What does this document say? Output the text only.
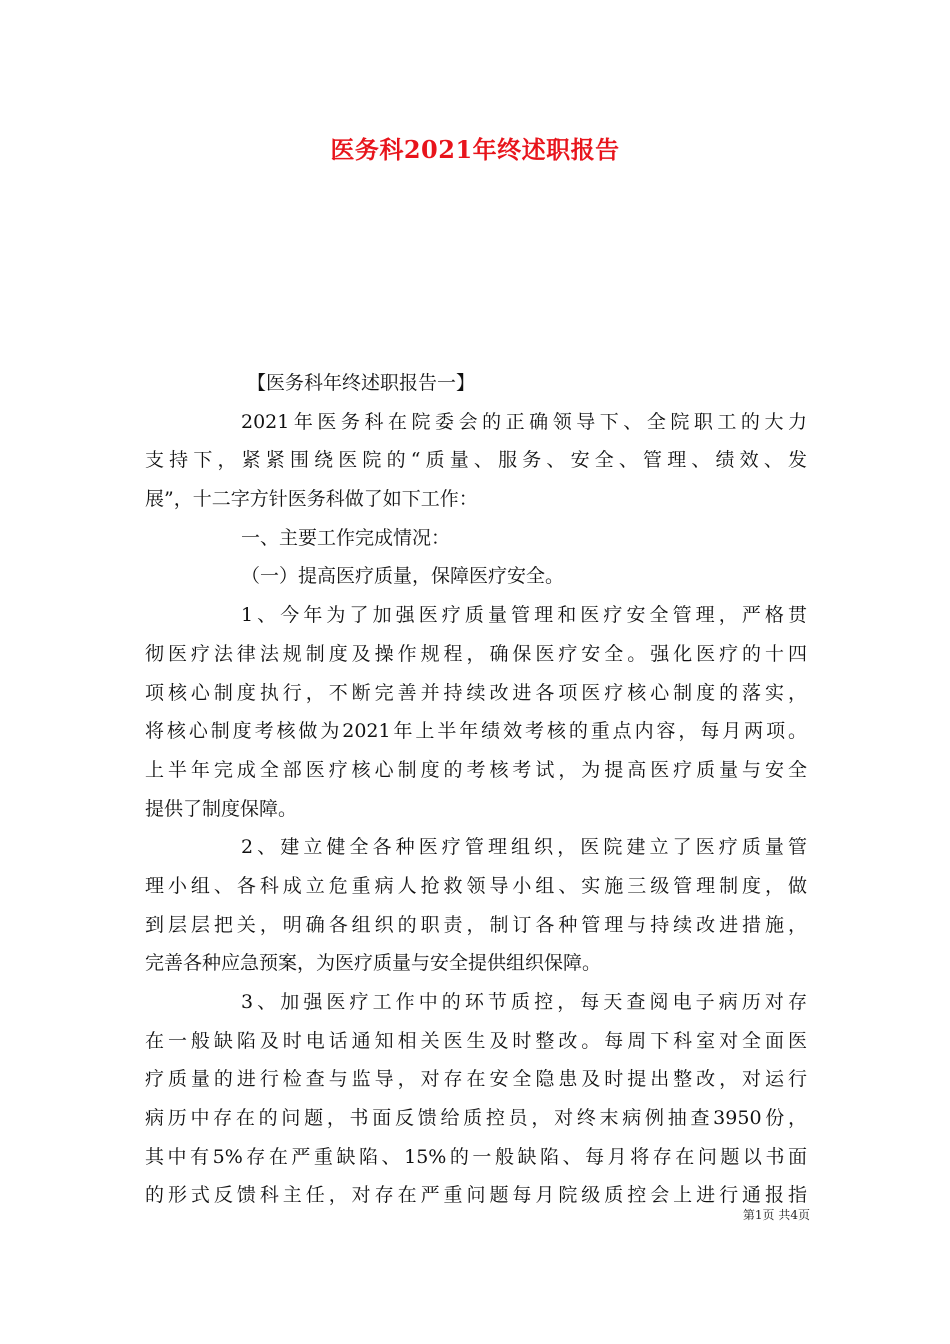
医务科2021年终述职报告
【医务科年终述职报告一】
2021年医务科在院委会的正确领导下、全院职工的大力
支持下，紧紧围绕医院的“质量、服务、安全、管理、绩效、发
展”，十二字方针医务科做了如下工作：
一、主要工作完成情况：
（一）提高医疗质量，保障医疗安全。
1、今年为了加强医疗质量管理和医疗安全管理，严格贯
彻医疗法律法规制度及操作规程，确保医疗安全。强化医疗的十四
项核心制度执行，不断完善并持续改进各项医疗核心制度的落实，
将核心制度考核做为2021年上半年绩效考核的重点内容，每月两项。
上半年完成全部医疗核心制度的考核考试，为提高医疗质量与安全
提供了制度保障。
2、建立健全各种医疗管理组织，医院建立了医疗质量管
理小组、各科成立危重病人抢救领导小组、实施三级管理制度，做
到层层把关，明确各组织的职责，制订各种管理与持续改进措施，
完善各种应急预案，为医疗质量与安全提供组织保障。
3、加强医疗工作中的环节质控，每天查阅电子病历对存
在一般缺陷及时电话通知相关医生及时整改。每周下科室对全面医
疗质量的进行检查与监导，对存在安全隐患及时提出整改，对运行
病历中存在的问题，书面反馈给质控员，对终末病例抽查3950份，
其中有5%存在严重缺陷、15%的一般缺陷、每月将存在问题以书面
的形式反馈科主任，对存在严重问题每月院级质控会上进行通报指
第1页 共4页
